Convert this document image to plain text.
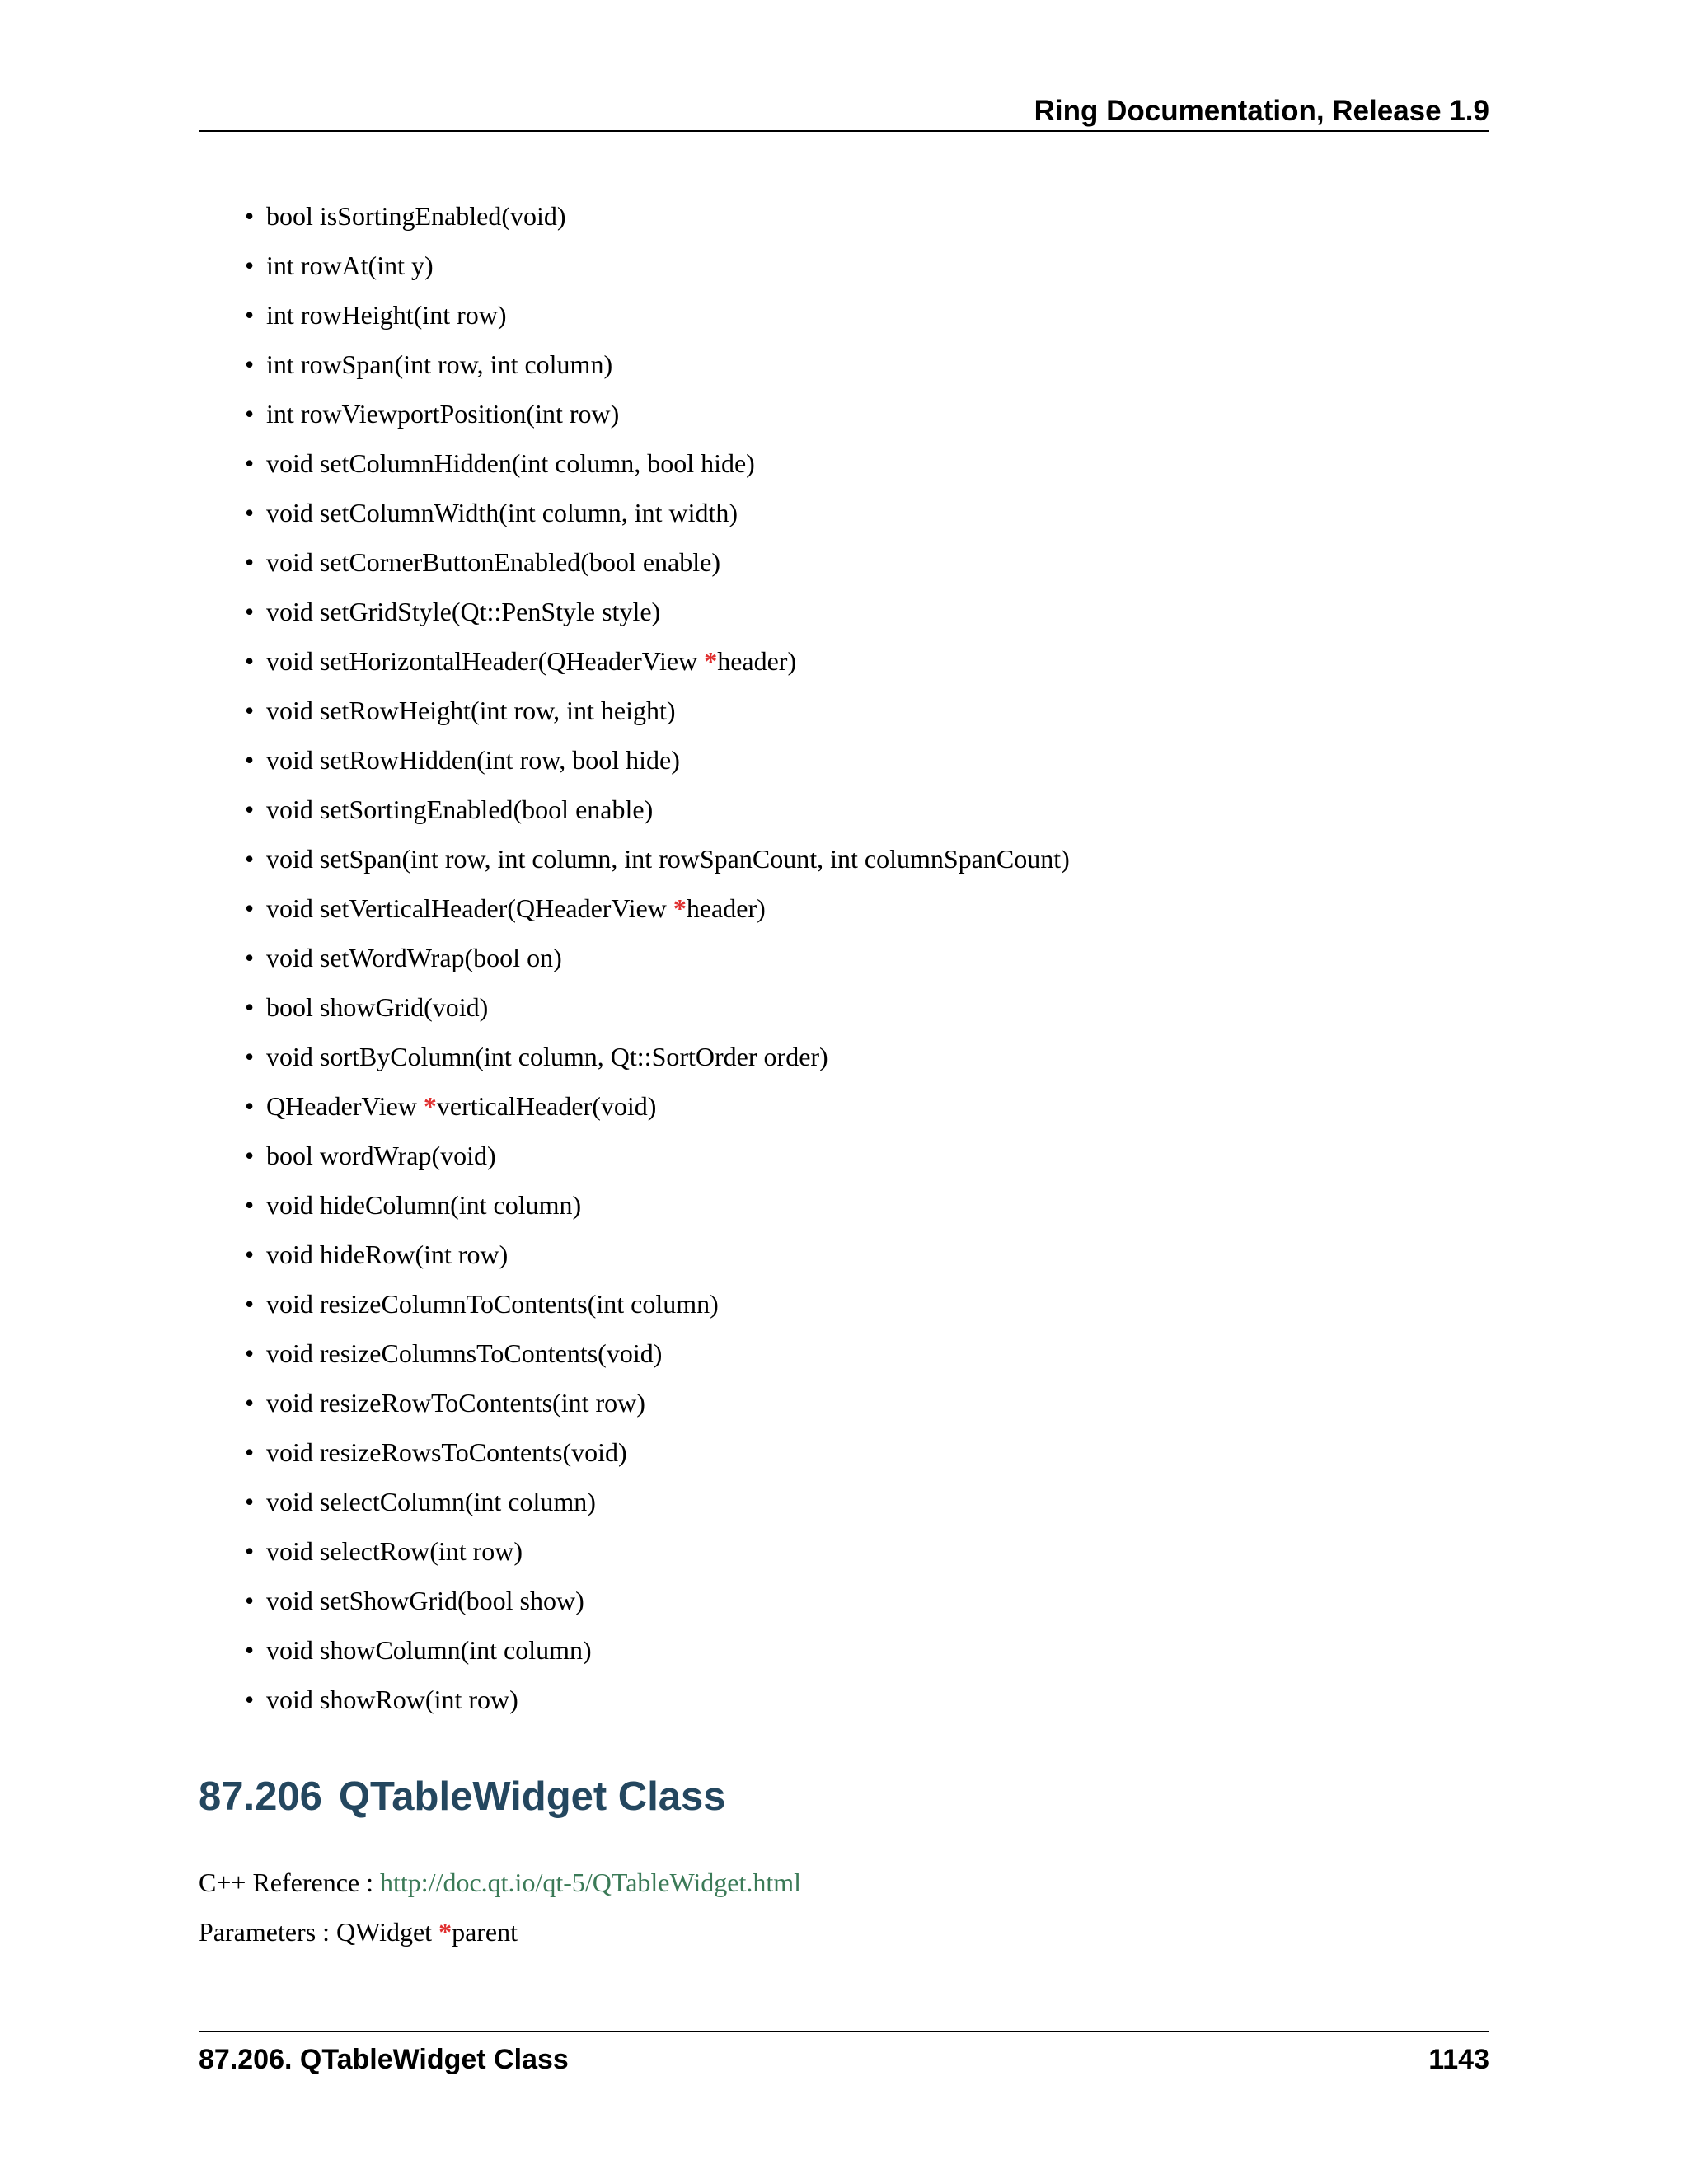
Ring Documentation, Release 1.9
• bool isSortingEnabled(void)
• int rowAt(int y)
• int rowHeight(int row)
• int rowSpan(int row, int column)
• int rowViewportPosition(int row)
• void setColumnHidden(int column, bool hide)
• void setColumnWidth(int column, int width)
• void setCornerButtonEnabled(bool enable)
• void setGridStyle(Qt::PenStyle style)
• void setHorizontalHeader(QHeaderView *header)
• void setRowHeight(int row, int height)
• void setRowHidden(int row, bool hide)
• void setSortingEnabled(bool enable)
• void setSpan(int row, int column, int rowSpanCount, int columnSpanCount)
• void setVerticalHeader(QHeaderView *header)
• void setWordWrap(bool on)
• bool showGrid(void)
• void sortByColumn(int column, Qt::SortOrder order)
• QHeaderView *verticalHeader(void)
• bool wordWrap(void)
• void hideColumn(int column)
• void hideRow(int row)
• void resizeColumnToContents(int column)
• void resizeColumnsToContents(void)
• void resizeRowToContents(int row)
• void resizeRowsToContents(void)
• void selectColumn(int column)
• void selectRow(int row)
• void setShowGrid(bool show)
• void showColumn(int column)
• void showRow(int row)
87.206 QTableWidget Class
C++ Reference : http://doc.qt.io/qt-5/QTableWidget.html
Parameters : QWidget *parent
87.206. QTableWidget Class	1143
